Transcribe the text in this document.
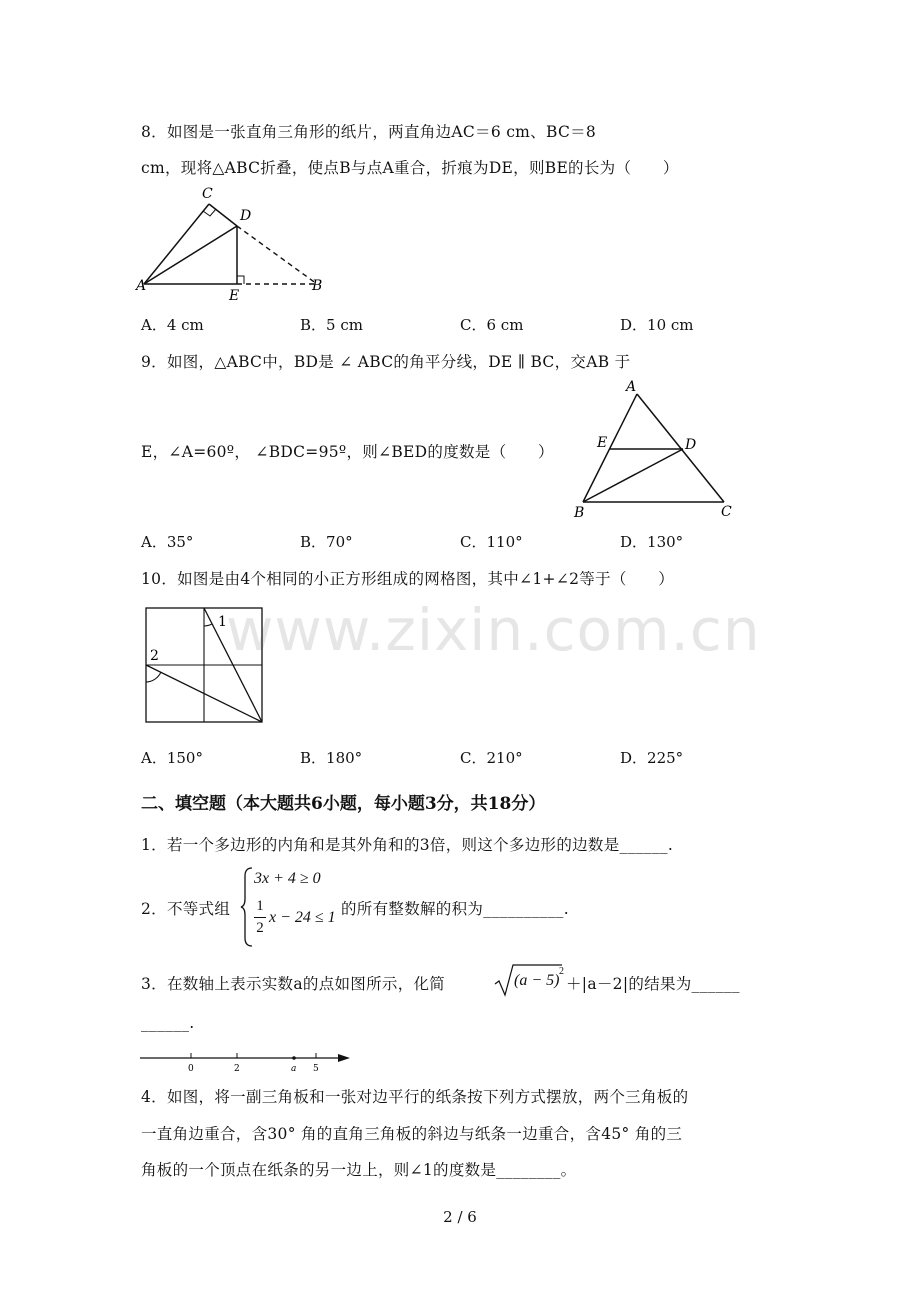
www.zixin.com.cn
8．如图是一张直角三角形的纸片，两直角边AC＝6 cm、BC＝8
cm，现将△ABC折叠，使点B与点A重合，折痕为DE，则BE的长为（　　）
C
D
A
E
B
A．4 cm	B．5 cm	C．6 cm	D．10 cm
9．如图，△ABC中，BD是 ∠ ABC的角平分线，DE ∥ BC，交AB 于
E，∠A=60º， ∠BDC=95º，则∠BED的度数是（　　）
A
E	D
B	C
A．35°	B．70°	C．110°	D．130°
10．如图是由4个相同的小正方形组成的网格图，其中∠1+∠2等于（　　）
1
2
A．150°	B．180°	C．210°	D．225°
二、填空题（本大题共6小题，每小题3分，共18分）
1．若一个多边形的内角和是其外角和的3倍，则这个多边形的边数是______.
2．不等式组
3x + 4 ≥ 0
1
2
x − 24 ≤ 1 的所有整数解的积为__________.
3．在数轴上表示实数a的点如图所示，化简	(a − 5)
2
＋|a－2|的结果为______
______.
0	2	a 5
4．如图，将一副三角板和一张对边平行的纸条按下列方式摆放，两个三角板的
一直角边重合，含30° 角的直角三角板的斜边与纸条一边重合，含45° 角的三
角板的一个顶点在纸条的另一边上，则∠1的度数是________。
2 / 6
